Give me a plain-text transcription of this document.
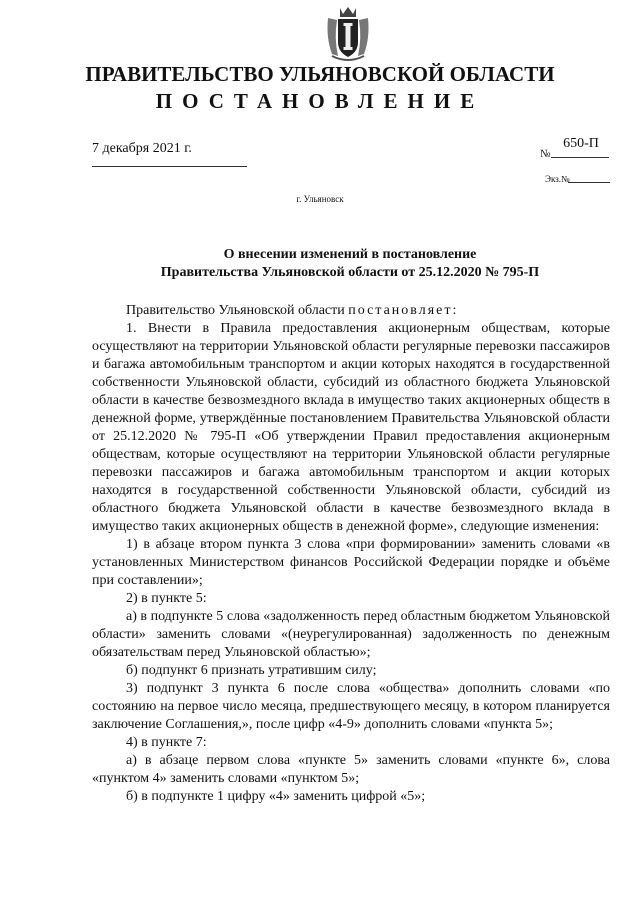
ПРАВИТЕЛЬСТВО УЛЬЯНОВСКОЙ ОБЛАСТИ
ПОСТАНОВЛЕНИЕ
7 декабря 2021 г.	№
650-П
Экз.№
г. Ульяновск
О внесении изменений в постановление
Правительства Ульяновской области от 25.12.2020 № 795-П

Правительство Ульяновской области постановляет:

1. Внести в Правила предоставления акционерным обществам, которые осуществляют на территории Ульяновской области регулярные перевозки пассажиров и багажа автомобильным транспортом и акции которых находятся в государственной собственности Ульяновской области, субсидий из областного бюджета Ульяновской области в качестве безвозмездного вклада в имущество таких акционерных обществ в денежной форме, утверждённые постановлением Правительства Ульяновской области от 25.12.2020 № 795-П «Об утверждении Правил предоставления акционерным обществам, которые осуществляют на территории Ульяновской области регулярные перевозки пассажиров и багажа автомобильным транспортом и акции которых находятся в государственной собственности Ульяновской области, субсидий из областного бюджета Ульяновской области в качестве безвозмездного вклада в имущество таких акционерных обществ в денежной форме», следующие изменения:

1) в абзаце втором пункта 3 слова «при формировании» заменить словами «в установленных Министерством финансов Российской Федерации порядке и объёме при составлении»;

2) в пункте 5:

а) в подпункте 5 слова «задолженность перед областным бюджетом Ульяновской области» заменить словами «(неурегулированная) задолженность по денежным обязательствам перед Ульяновской областью»;

б) подпункт 6 признать утратившим силу;

3) подпункт 3 пункта 6 после слова «общества» дополнить словами «по состоянию на первое число месяца, предшествующего месяцу, в котором планируется заключение Соглашения,», после цифр «4-9» дополнить словами «пункта 5»;

4) в пункте 7:

а) в абзаце первом слова «пункте 5» заменить словами «пункте 6», слова «пунктом 4» заменить словами «пунктом 5»;

б) в подпункте 1 цифру «4» заменить цифрой «5»;
